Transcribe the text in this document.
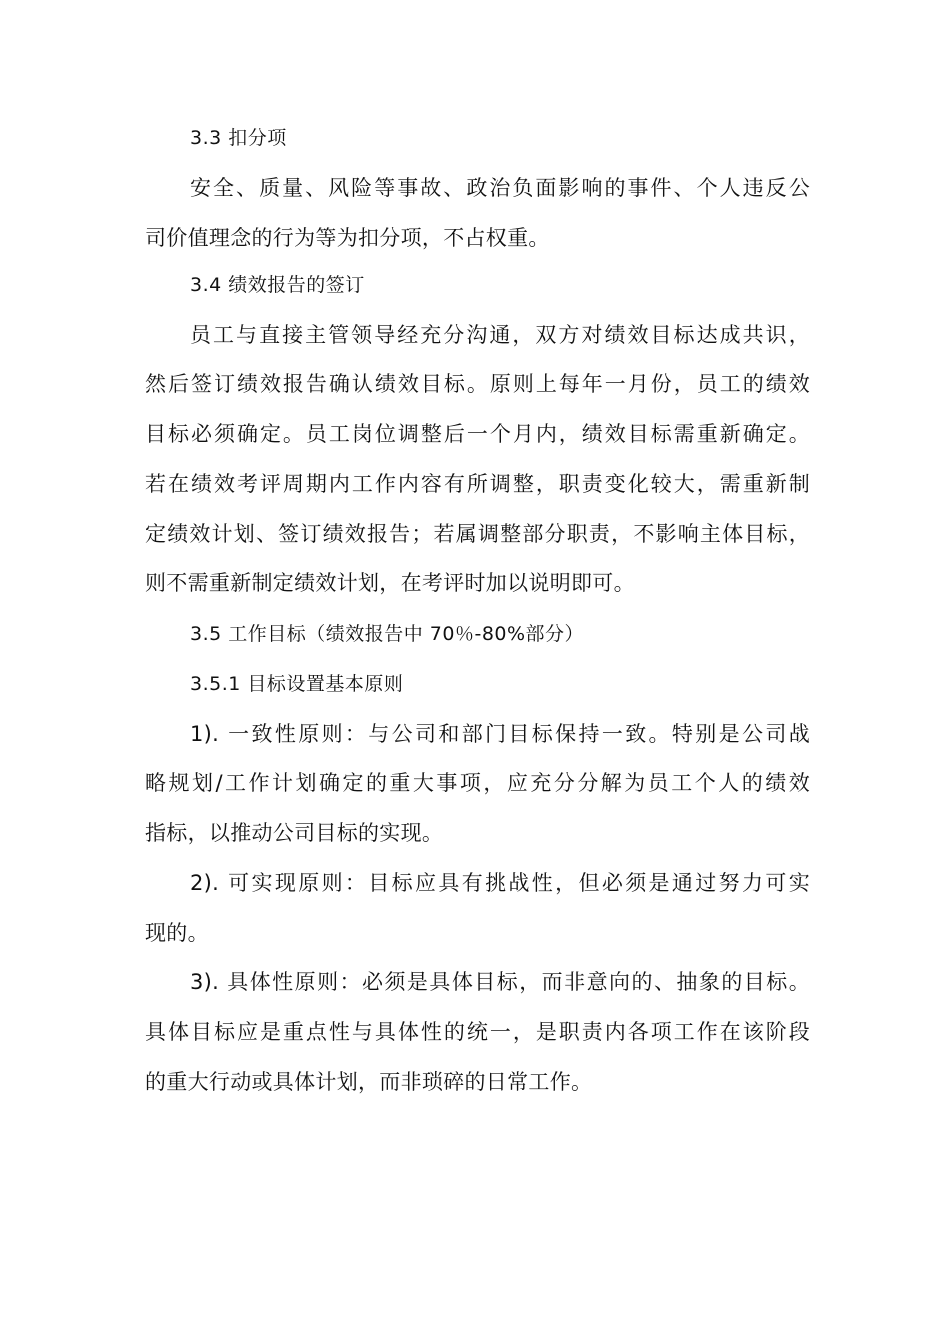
3.3 扣分项
安全、质量、风险等事故、政治负面影响的事件、个人违反公
司价值理念的行为等为扣分项，不占权重。
3.4 绩效报告的签订
员工与直接主管领导经充分沟通，双方对绩效目标达成共识，
然后签订绩效报告确认绩效目标。原则上每年一月份，员工的绩效
目标必须确定。员工岗位调整后一个月内，绩效目标需重新确定。
若在绩效考评周期内工作内容有所调整，职责变化较大，需重新制
定绩效计划、签订绩效报告；若属调整部分职责，不影响主体目标，
则不需重新制定绩效计划，在考评时加以说明即可。
3.5 工作目标（绩效报告中 70％-80%部分）
3.5.1 目标设置基本原则
1). 一致性原则：与公司和部门目标保持一致。特别是公司战
略规划/工作计划确定的重大事项，应充分分解为员工个人的绩效
指标，以推动公司目标的实现。
2). 可实现原则：目标应具有挑战性，但必须是通过努力可实
现的。
3). 具体性原则：必须是具体目标，而非意向的、抽象的目标。
具体目标应是重点性与具体性的统一，是职责内各项工作在该阶段
的重大行动或具体计划，而非琐碎的日常工作。
